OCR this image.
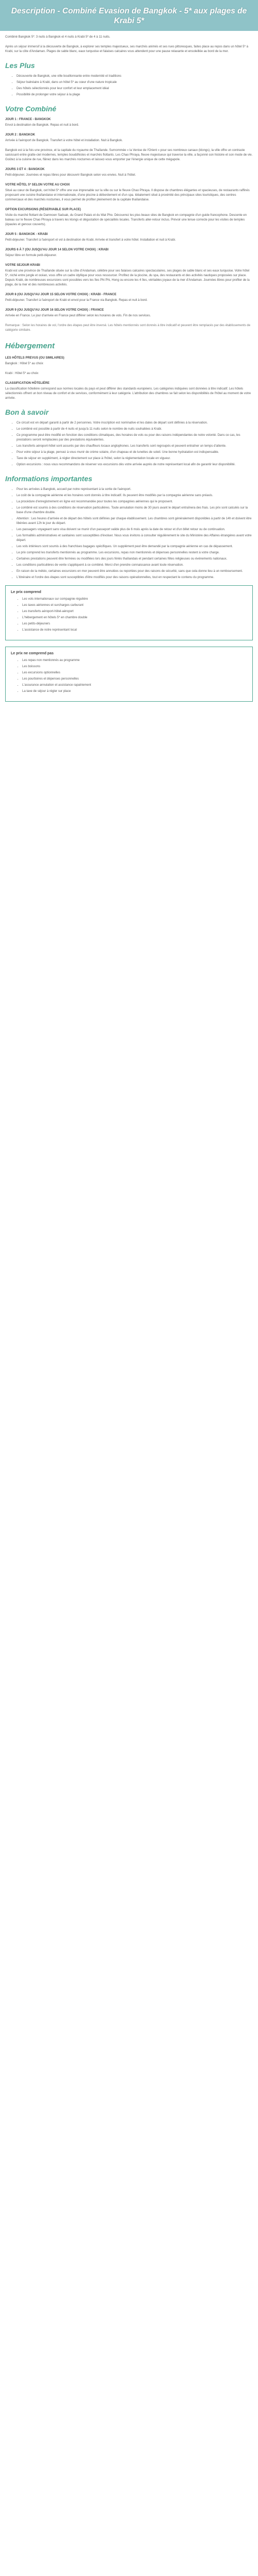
Description - Combiné Evasion de Bangkok - 5* aux plages de Krabi 5*

Combiné Bangkok 5*: 3 nuits à Bangkok et 4 nuits à Krabi 5* de 4 à 11 nuits.

Après un séjour immersif à la découverte de Bangkok, à explorer ses temples majestueux, ses marchés animés et ses rues pittoresques, faites place au repos dans un hôtel 5* à Krabi, sur la côte d'Andaman. Plages de sable blanc, eaux turquoise et falaises calcaires vous attendent pour une pause relaxante et ensoleillée au bord de la mer.

Les Plus
• Découverte de Bangkok, une ville bouillonnante entre modernité et traditions
• Séjour balnéaire à Krabi, dans un hôtel 5* au cœur d'une nature tropicale
• Des hôtels sélectionnés pour leur confort et leur emplacement idéal
• Possibilité de prolonger votre séjour à la plage
Votre Combiné
JOUR 1 : FRANCE - BANGKOK

Envol à destination de Bangkok. Repas et nuit à bord.

JOUR 2 : BANGKOK

Arrivée à l'aéroport de Bangkok. Transfert à votre hôtel et installation. Nuit à Bangkok.

Bangkok est à la fois une province, et la capitale du royaume de Thaïlande. Surnommée « la Venise de l'Orient » pour ses nombreux canaux (klongs), la ville offre un contraste saisissant entre gratte-ciel modernes, temples bouddhistes et marchés flottants. Les Chao Phraya, fleuve majestueux qui traverse la ville, a façonné son histoire et son mode de vie. Goûtez à la cuisine de rue, flânez dans les marchés nocturnes et laissez-vous emporter par l'énergie unique de cette mégapole.

JOURS 3 ET 4 : BANGKOK

Petit-déjeuner. Journées et repas libres pour découvrir Bangkok selon vos envies. Nuit à l'hôtel.

VOTRE HÔTEL 5* SELON VOTRE AU CHOIX

Situé au cœur de Bangkok, cet hôtel 5* offre une vue imprenable sur la ville ou sur le fleuve Chao Phraya. Il dispose de chambres élégantes et spacieuses, de restaurants raffinés proposant une cuisine thaïlandaise et internationale, d'une piscine à débordement et d'un spa. Idéalement situé à proximité des principaux sites touristiques, des centres commerciaux et des marchés nocturnes, il vous permet de profiter pleinement de la capitale thaïlandaise.

OPTION EXCURSIONS (RÉSERVABLE SUR PLACE)

Visite du marché flottant de Damnoen Saduak, du Grand Palais et du Wat Pho. Découvrez les plus beaux sites de Bangkok en compagnie d'un guide francophone. Descente en bateau sur le fleuve Chao Phraya à travers les klongs et dégustation de spécialités locales. Transferts aller-retour inclus. Prévoir une tenue correcte pour les visites de temples (épaules et genoux couverts).

JOUR 5 : BANGKOK - KRABI

Petit-déjeuner. Transfert à l'aéroport et vol à destination de Krabi. Arrivée et transfert à votre hôtel. Installation et nuit à Krabi.

JOURS 6 À 7 (OU JUSQU'AU JOUR 14 SELON VOTRE CHOIX) : KRABI

Séjour libre en formule petit-déjeuner.

VOTRE SEJOUR KRABI

Krabi est une province de Thaïlande située sur la côte d'Andaman, célèbre pour ses falaises calcaires spectaculaires, ses plages de sable blanc et ses eaux turquoise. Votre hôtel 5*, niché entre jungle et océan, vous offre un cadre idyllique pour vous ressourcer. Profitez de la piscine, du spa, des restaurants et des activités nautiques proposées sur place. Depuis Krabi, de nombreuses excursions sont possibles vers les îles Phi Phi, Hong ou encore les 4 îles, véritables joyaux de la mer d'Andaman. Journées libres pour profiter de la plage, de la mer et des nombreuses activités.

JOUR 8 (OU JUSQU'AU JOUR 15 SELON VOTRE CHOIX) : KRABI - FRANCE

Petit-déjeuner. Transfert à l'aéroport de Krabi et envol pour la France via Bangkok. Repas et nuit à bord.

JOUR 9 (OU JUSQU'AU JOUR 16 SELON VOTRE CHOIX) : FRANCE

Arrivée en France. Le jour d'arrivée en France peut différer selon les horaires de vols. Fin de nos services.

Remarque : Selon les horaires de vol, l'ordre des étapes peut être inversé. Les hôtels mentionnés sont donnés à titre indicatif et peuvent être remplacés par des établissements de catégorie similaire.

Hébergement
LES HÔTELS PREVUS (OU SIMILAIRES)

Bangkok : Hôtel 5* au choix

Krabi : Hôtel 5* au choix

CLASSIFICATION HÔTELIÈRE

La classification hôtelière correspond aux normes locales du pays et peut différer des standards européens. Les catégories indiquées sont données à titre indicatif. Les hôtels sélectionnés offrent un bon niveau de confort et de services, conformément à leur catégorie. L'attribution des chambres se fait selon les disponibilités de l'hôtel au moment de votre arrivée.

Bon à savoir
• Ce circuit est en départ garanti à partir de 2 personnes. Votre inscription est nominative et les dates de départ sont définies à la réservation.
• Le combiné est possible à partir de 4 nuits et jusqu'à 11 nuits selon le nombre de nuits souhaitées à Krabi.
• Ce programme peut être modifié en fonction des conditions climatiques, des horaires de vols ou pour des raisons indépendantes de notre volonté. Dans ce cas, les prestations seront remplacées par des prestations équivalentes.
• Les transferts aéroport-hôtel sont assurés par des chauffeurs locaux anglophones. Les transferts sont regroupés et peuvent entraîner un temps d'attente.
• Pour votre séjour à la plage, pensez à vous munir de crème solaire, d'un chapeau et de lunettes de soleil. Une bonne hydratation est indispensable.
• Taxe de séjour en supplément, à régler directement sur place à l'hôtel, selon la réglementation locale en vigueur.
• Option excursions : nous vous recommandons de réserver vos excursions dès votre arrivée auprès de notre représentant local afin de garantir leur disponibilité.
Informations importantes
• Pour les arrivées à Bangkok, accueil par notre représentant à la sortie de l'aéroport.
• Le coût de la compagnie aérienne et les horaires sont donnés à titre indicatif. Ils peuvent être modifiés par la compagnie aérienne sans préavis.
• La procédure d'enregistrement en ligne est recommandée pour toutes les compagnies aériennes qui le proposent.
• Le combiné est soumis à des conditions de réservation particulières. Toute annulation moins de 30 jours avant le départ entraînera des frais. Les prix sont calculés sur la base d'une chambre double.
• Attention : Les heures d'arrivée et de départ des hôtels sont définies par chaque établissement. Les chambres sont généralement disponibles à partir de 14h et doivent être libérées avant 12h le jour du départ.
• Les passagers voyageant sans visa doivent se munir d'un passeport valide plus de 6 mois après la date de retour et d'un billet retour ou de continuation.
• Les formalités administratives et sanitaires sont susceptibles d'évoluer. Nous vous invitons à consulter régulièrement le site du Ministère des Affaires étrangères avant votre départ.
• Les vols intérieurs sont soumis à des franchises bagages spécifiques. Un supplément peut être demandé par la compagnie aérienne en cas de dépassement.
• Le prix comprend les transferts mentionnés au programme. Les excursions, repas non mentionnés et dépenses personnelles restent à votre charge.
• Certaines prestations peuvent être fermées ou modifiées lors des jours fériés thaïlandais et pendant certaines fêtes religieuses ou événements nationaux.
• Les conditions particulières de vente s'appliquent à ce combiné. Merci d'en prendre connaissance avant toute réservation.
• En raison de la météo, certaines excursions en mer peuvent être annulées ou reportées pour des raisons de sécurité, sans que cela donne lieu à un remboursement.
• L'itinéraire et l'ordre des étapes sont susceptibles d'être modifiés pour des raisons opérationnelles, tout en respectant le contenu du programme.
Le prix comprend
• Les vols internationaux sur compagnie régulière
• Les taxes aériennes et surcharges carburant
• Les transferts aéroport-hôtel-aéroport
• L'hébergement en hôtels 5* en chambre double
• Les petits-déjeuners
• L'assistance de notre représentant local
Le prix ne comprend pas
• Les repas non mentionnés au programme
• Les boissons
• Les excursions optionnelles
• Les pourboires et dépenses personnelles
• L'assurance annulation et assistance rapatriement
• La taxe de séjour à régler sur place
